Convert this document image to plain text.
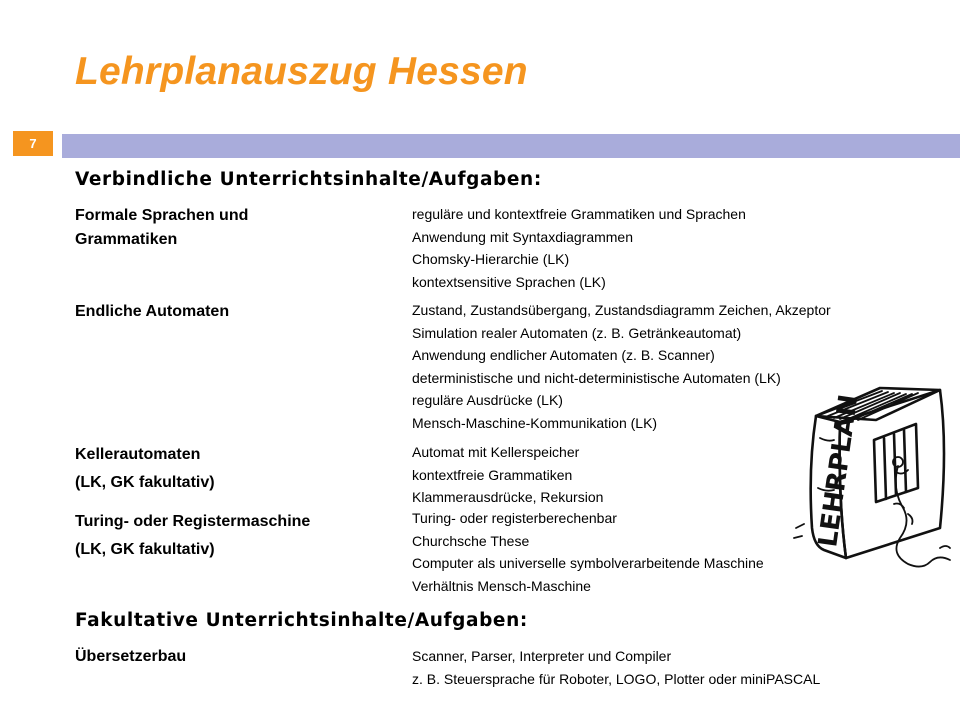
Lehrplanauszug Hessen
7
LEHRPLAN
Verbindliche Unterrichtsinhalte/Aufgaben:
Formale Sprachen und
Grammatiken
reguläre und kontextfreie Grammatiken und Sprachen
Anwendung mit Syntaxdiagrammen
Chomsky-Hierarchie (LK)
kontextsensitive Sprachen (LK)
Endliche Automaten	Zustand, Zustandsübergang, Zustandsdiagramm Zeichen, Akzeptor
Simulation realer Automaten (z. B. Getränkeautomat)
Anwendung endlicher Automaten (z. B. Scanner)
deterministische und nicht-deterministische Automaten (LK)
reguläre Ausdrücke (LK)
Mensch-Maschine-Kommunikation (LK)
Kellerautomaten
(LK, GK fakultativ)
Automat mit Kellerspeicher
kontextfreie Grammatiken
Klammerausdrücke, Rekursion
Turing- oder Registermaschine
(LK, GK fakultativ)
Turing- oder registerberechenbar
Churchsche These
Computer als universelle symbolverarbeitende Maschine
Verhältnis Mensch-Maschine
Fakultative Unterrichtsinhalte/Aufgaben:
Übersetzerbau	Scanner, Parser, Interpreter und Compiler
z. B. Steuersprache für Roboter, LOGO, Plotter oder miniPASCAL
